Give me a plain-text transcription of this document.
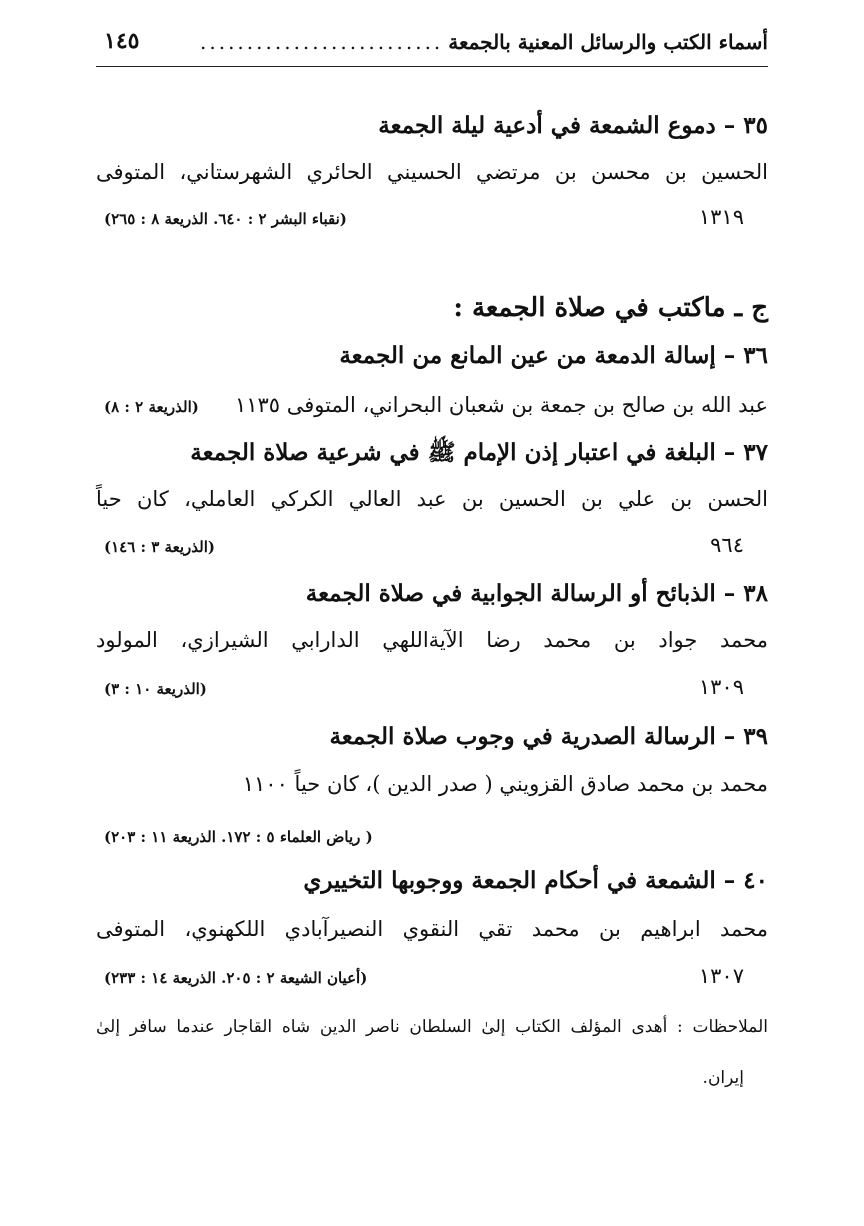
أسماء الكتب والرسائل المعنية بالجمعة
..........................
١٤٥
٣٥ – دموع الشمعة في أدعية ليلة الجمعة
الحسين بن محسن بن مرتضي الحسيني الحائري الشهرستاني، المتوفى
١٣١٩
(نقباء البشر ٢ : ٦٤٠. الذريعة ٨ : ٢٦٥)
ج ـ ماكتب في صلاة الجمعة :
٣٦ – إسالة الدمعة من عين المانع من الجمعة
عبد الله بن صالح بن جمعة بن شعبان البحراني، المتوفى ١١٣٥
(الذريعة ٢ : ٨)
٣٧ – البلغة في اعتبار إذن الإمام ﷺ في شرعية صلاة الجمعة
الحسن بن علي بن الحسين بن عبد العالي الكركي العاملي، كان حياً
٩٦٤
(الذريعة ٣ : ١٤٦)
٣٨ – الذبائح أو الرسالة الجوابية في صلاة الجمعة
محمد جواد بن محمد رضا الآيةاللهي الدارابي الشيرازي، المولود
١٣٠٩
(الذريعة ١٠ : ٣)
٣٩ – الرسالة الصدرية في وجوب صلاة الجمعة
محمد بن محمد صادق القزويني ( صدر الدين )، كان حياً ١١٠٠
( رياض العلماء ٥ : ١٧٢. الذريعة ١١ : ٢٠٣)
٤٠ – الشمعة في أحكام الجمعة ووجوبها التخييري
محمد ابراهيم بن محمد تقي النقوي النصيرآبادي اللكهنوي، المتوفى
١٣٠٧
(أعيان الشيعة ٢ : ٢٠٥. الذريعة ١٤ : ٢٣٣)
الملاحظات : أهدى المؤلف الكتاب إلىٰ السلطان ناصر الدين شاه القاجار عندما سافر إلىٰ
إيران.
